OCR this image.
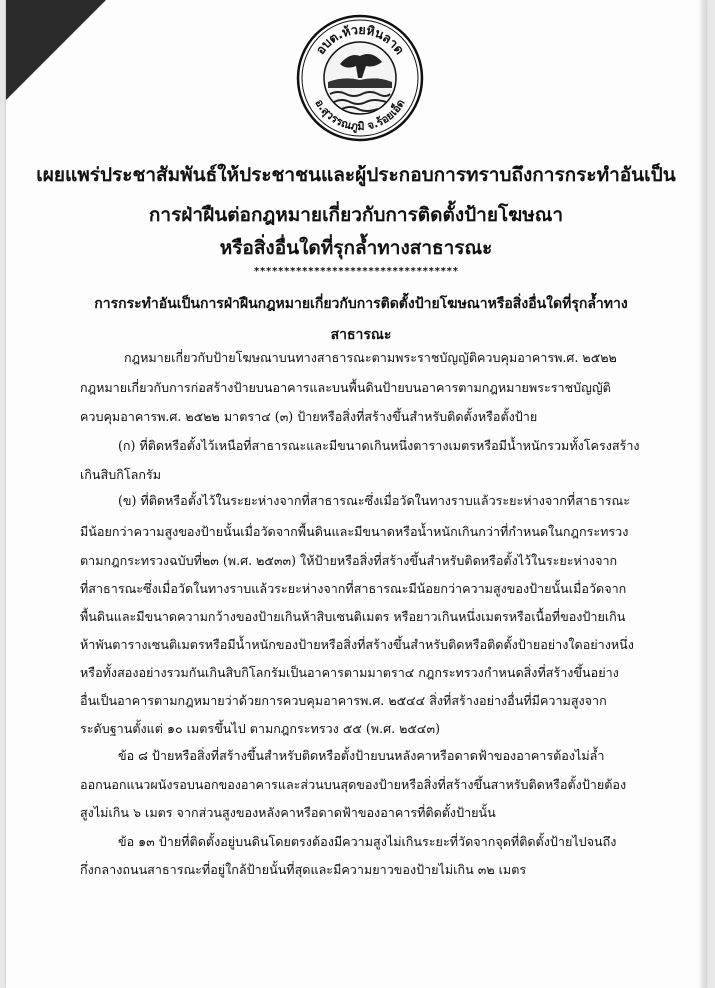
อบต.ห้วยหินลาด
อ.สุวรรณภูมิ จ.ร้อยเอ็ด
เผยแพร่ประชาสัมพันธ์ให้ประชาชนและผู้ประกอบการทราบถึงการกระทำอันเป็น
การฝ่าฝืนต่อกฎหมายเกี่ยวกับการติดตั้งป้ายโฆษณา
หรือสิ่งอื่นใดที่รุกล้ำทางสาธารณะ
**********************************
การกระทำอันเป็นการฝ่าฝืนกฎหมายเกี่ยวกับการติดตั้งป้ายโฆษณาหรือสิ่งอื่นใดที่รุกล้ำทาง
สาธารณะ
กฎหมายเกี่ยวกับป้ายโฆษณาบนทางสาธารณะตามพระราชบัญญัติควบคุมอาคารพ.ศ. ๒๕๒๒
กฎหมายเกี่ยวกับการก่อสร้างป้ายบนอาคารและบนพื้นดินป้ายบนอาคารตามกฎหมายพระราชบัญญัติ
ควบคุมอาคารพ.ศ. ๒๕๒๒ มาตรา๔ (๓) ป้ายหรือสิ่งที่สร้างขึ้นสำหรับติดตั้งหรือตั้งป้าย
(ก) ที่ติดหรือตั้งไว้เหนือที่สาธารณะและมีขนาดเกินหนึ่งตารางเมตรหรือมีน้ำหนักรวมทั้งโครงสร้าง
เกินสิบกิโลกรัม
(ข) ที่ติดหรือตั้งไว้ในระยะห่างจากที่สาธารณะซึ่งเมื่อวัดในทางราบแล้วระยะห่างจากที่สาธารณะ
มีน้อยกว่าความสูงของป้ายนั้นเมื่อวัดจากพื้นดินและมีขนาดหรือน้ำหนักเกินกว่าที่กำหนดในกฎกระทรวง
ตามกฎกระทรวงฉบับที่๒๓ (พ.ศ. ๒๕๓๓) ให้ป้ายหรือสิ่งที่สร้างขึ้นสำหรับติดหรือตั้งไว้ในระยะห่างจาก
ที่สาธารณะซึ่งเมื่อวัดในทางราบแล้วระยะห่างจากที่สาธารณะมีน้อยกว่าความสูงของป้ายนั้นเมื่อวัดจาก
พื้นดินและมีขนาดความกว้างของป้ายเกินห้าสิบเซนติเมตร หรือยาวเกินหนึ่งเมตรหรือเนื้อที่ของป้ายเกิน
ห้าพันตารางเซนติเมตรหรือมีน้ำหนักของป้ายหรือสิ่งที่สร้างขึ้นสำหรับติดหรือติดตั้งป้ายอย่างใดอย่างหนึ่ง
หรือทั้งสองอย่างรวมกันเกินสิบกิโลกรัมเป็นอาคารตามมาตรา๔ กฎกระทรวงกำหนดสิ่งที่สร้างขึ้นอย่าง
อื่นเป็นอาคารตามกฎหมายว่าด้วยการควบคุมอาคารพ.ศ. ๒๕๔๔ สิ่งที่สร้างอย่างอื่นที่มีความสูงจาก
ระดับฐานตั้งแต่ ๑๐ เมตรขึ้นไป ตามกฎกระทรวง ๕๕ (พ.ศ. ๒๕๔๓)
ข้อ ๘ ป้ายหรือสิ่งที่สร้างขึ้นสำหรับติดหรือตั้งป้ายบนหลังคาหรือดาดฟ้าของอาคารต้องไม่ล้ำ
ออกนอกแนวผนังรอบนอกของอาคารและส่วนบนสุดของป้ายหรือสิ่งที่สร้างขึ้นสาหรับติดหรือตั้งป้ายต้อง
สูงไม่เกิน ๖ เมตร จากส่วนสูงของหลังคาหรือดาดฟ้าของอาคารที่ติดตั้งป้ายนั้น
ข้อ ๑๓ ป้ายที่ติดตั้งอยู่บนดินโดยตรงต้องมีความสูงไม่เกินระยะที่วัดจากจุดที่ติดตั้งป้ายไปจนถึง
กึ่งกลางถนนสาธารณะที่อยู่ใกล้ป้ายนั้นที่สุดและมีความยาวของป้ายไม่เกิน ๓๒ เมตร
